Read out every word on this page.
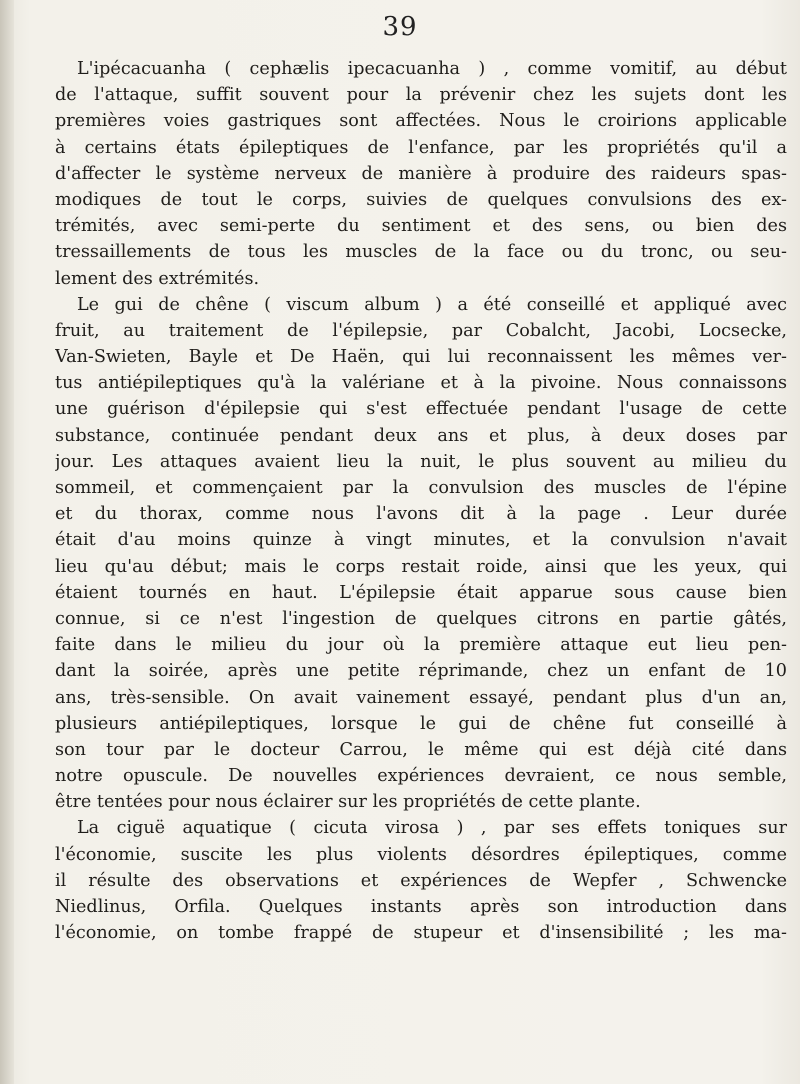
39
L'ipécacuanha ( cephælis ipecacuanha ) , comme vomitif, au début
de l'attaque, suffit souvent pour la prévenir chez les sujets dont les
premières voies gastriques sont affectées. Nous le croirions applicable
à certains états épileptiques de l'enfance, par les propriétés qu'il a
d'affecter le système nerveux de manière à produire des raideurs spas-
modiques de tout le corps, suivies de quelques convulsions des ex-
trémités, avec semi-perte du sentiment et des sens, ou bien des
tressaillements de tous les muscles de la face ou du tronc, ou seu-
lement des extrémités.
Le gui de chêne ( viscum album ) a été conseillé et appliqué avec
fruit, au traitement de l'épilepsie, par Cobalcht, Jacobi, Locsecke,
Van-Swieten, Bayle et De Haën, qui lui reconnaissent les mêmes ver-
tus antiépileptiques qu'à la valériane et à la pivoine. Nous connaissons
une guérison d'épilepsie qui s'est effectuée pendant l'usage de cette
substance, continuée pendant deux ans et plus, à deux doses par
jour. Les attaques avaient lieu la nuit, le plus souvent au milieu du
sommeil, et commençaient par la convulsion des muscles de l'épine
et du thorax, comme nous l'avons dit à la page . Leur durée
était d'au moins quinze à vingt minutes, et la convulsion n'avait
lieu qu'au début; mais le corps restait roide, ainsi que les yeux, qui
étaient tournés en haut. L'épilepsie était apparue sous cause bien
connue, si ce n'est l'ingestion de quelques citrons en partie gâtés,
faite dans le milieu du jour où la première attaque eut lieu pen-
dant la soirée, après une petite réprimande, chez un enfant de 10
ans, très-sensible. On avait vainement essayé, pendant plus d'un an,
plusieurs antiépileptiques, lorsque le gui de chêne fut conseillé à
son tour par le docteur Carrou, le même qui est déjà cité dans
notre opuscule. De nouvelles expériences devraient, ce nous semble,
être tentées pour nous éclairer sur les propriétés de cette plante.
La ciguë aquatique ( cicuta virosa ) , par ses effets toniques sur
l'économie, suscite les plus violents désordres épileptiques, comme
il résulte des observations et expériences de Wepfer , Schwencke
Niedlinus, Orfila. Quelques instants après son introduction dans
l'économie, on tombe frappé de stupeur et d'insensibilité ; les ma-
